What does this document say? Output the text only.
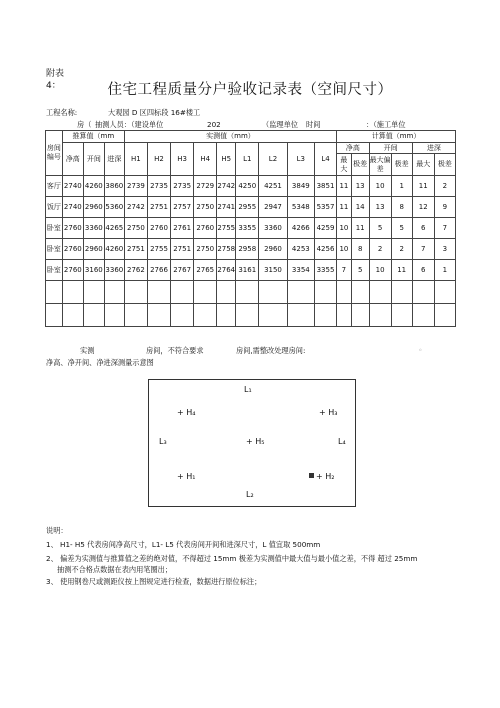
附表4：	住宅工程质量分户验收记录表（空间尺寸）
工程名称:	大观园 D 区四标段 16#楼工
房（ 抽测人员：（建设单位	202	（监理单位 时间	：（施工单位
房间编号	推算值（mm			实测值（mm）									计算值（mm）					
	净高	开间	进深	H1	H2	H3	H4	H5	L1	L2	L3	L4	净高		开间		进深	
													最大	极差	最大偏差	极差	最大	极差
客厅	2740	4260	3860	2739	2735	2735	2729	2742	4250	4251	3849	3851	11	13	10	1	11	2
饭厅	2740	2960	5360	2742	2751	2757	2750	2741	2955	2947	5348	5357	11	14	13	8	12	9
卧室	2760	3360	4265	2750	2760	2761	2760	2755	3355	3360	4266	4259	10	11	5	5	6	7
卧室	2760	2960	4260	2751	2755	2751	2750	2758	2958	2960	4253	4256	10	8	2	2	7	3
卧室	2760	3160	3360	2762	2766	2767	2765	2764	3161	3150	3354	3355	7	5	10	11	6	1

实测	房间，不符合要求	房间,需整改处理房间:	。
净高、净开间、净进深测量示意图
L₁
+ H₄	+ H₃
L₃	+ H₅	L₄
+ H₁	+ H₂
L₂
说明：
1、 H1- H5 代表房间净高尺寸，L1- L5 代表房间开间和进深尺寸，L 值宜取 500mm
2、 偏差为实测值与推算值之差的绝对值，不得超过 15mm 极差为实测值中最大值与最小值之差，不得 超过 25mm
抽测不合格点数据在表内用笔圈出；
3、 使用钢卷尺或测距仪按上图规定进行检查，数据进行原位标注；
